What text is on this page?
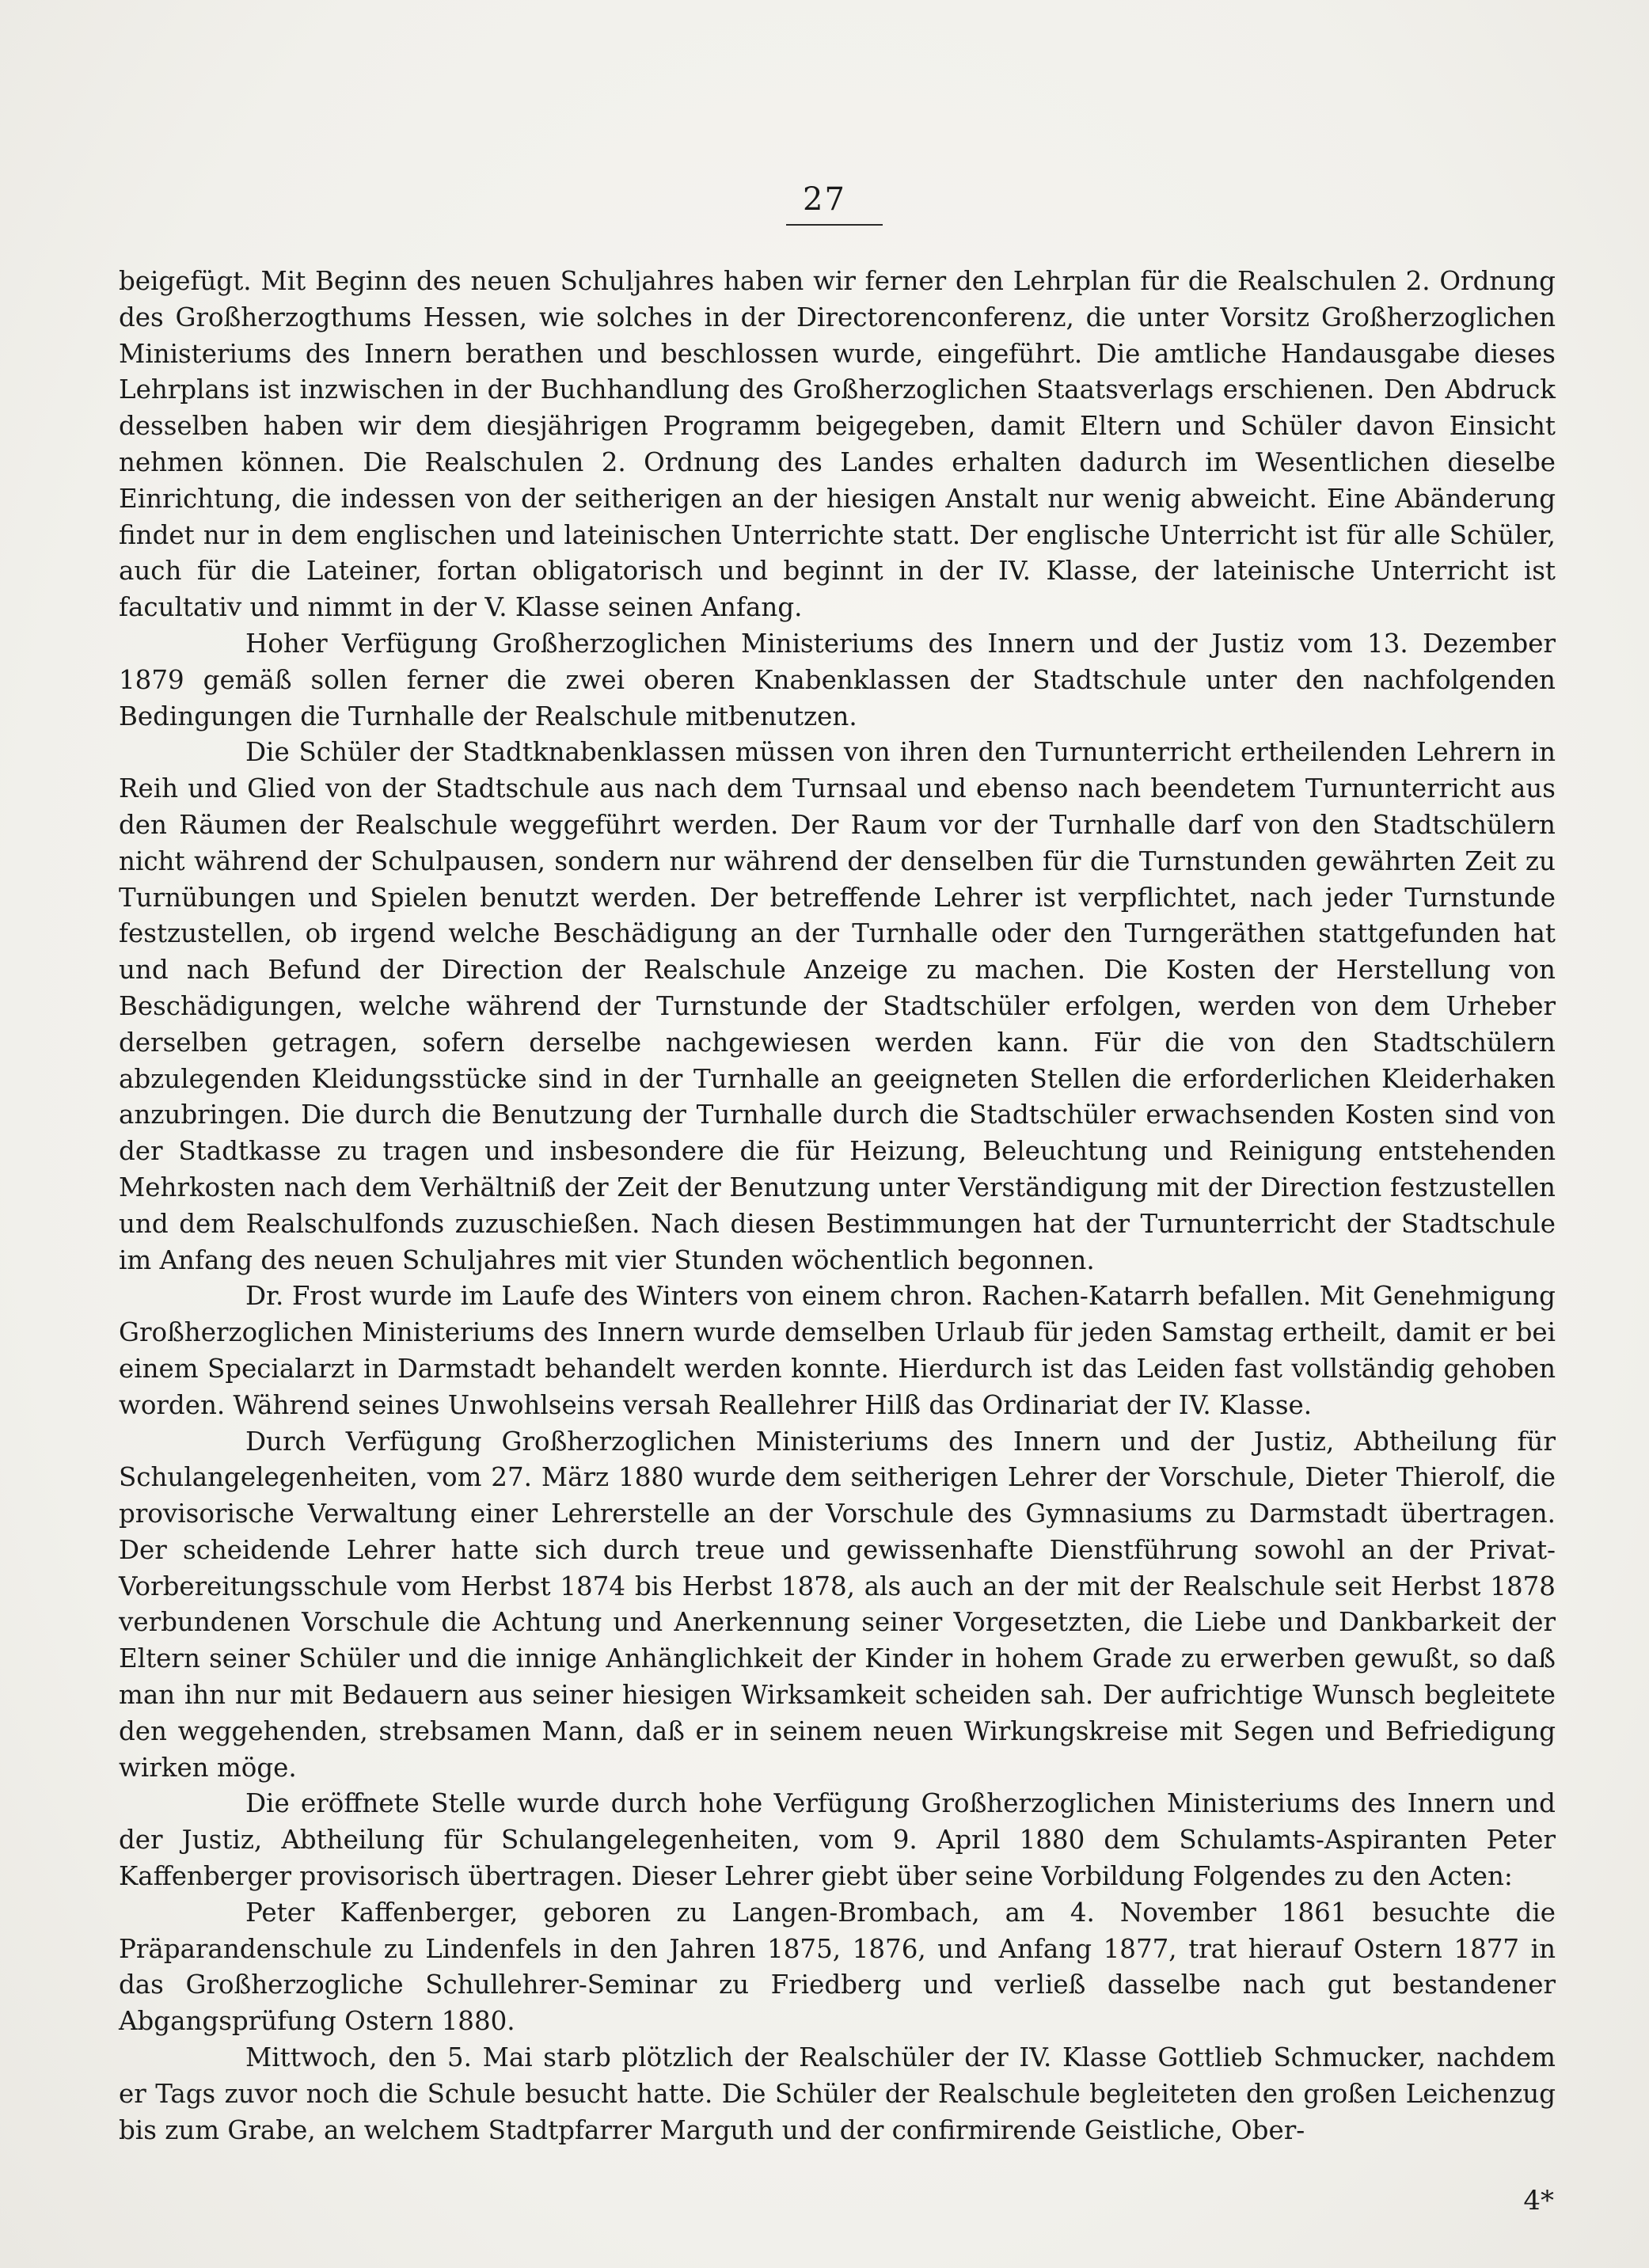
27

beigefügt. Mit Beginn des neuen Schuljahres haben wir ferner den Lehrplan für die Realschulen 2. Ordnung des Großherzogthums Hessen, wie solches in der Directorenconferenz, die unter Vorsitz Großherzoglichen Ministeriums des Innern berathen und beschlossen wurde, eingeführt. Die amtliche Handausgabe dieses Lehrplans ist inzwischen in der Buchhandlung des Großherzoglichen Staatsverlags erschienen. Den Abdruck desselben haben wir dem diesjährigen Programm beigegeben, damit Eltern und Schüler davon Einsicht nehmen können. Die Realschulen 2. Ordnung des Landes erhalten dadurch im Wesentlichen dieselbe Einrichtung, die indessen von der seitherigen an der hiesigen Anstalt nur wenig abweicht. Eine Abänderung findet nur in dem englischen und lateinischen Unterrichte statt. Der englische Unterricht ist für alle Schüler, auch für die Lateiner, fortan obligatorisch und beginnt in der IV. Klasse, der lateinische Unterricht ist facultativ und nimmt in der V. Klasse seinen Anfang.

Hoher Verfügung Großherzoglichen Ministeriums des Innern und der Justiz vom 13. Dezember 1879 gemäß sollen ferner die zwei oberen Knabenklassen der Stadtschule unter den nachfolgenden Bedingungen die Turnhalle der Realschule mitbenutzen.

Die Schüler der Stadtknabenklassen müssen von ihren den Turnunterricht ertheilenden Lehrern in Reih und Glied von der Stadtschule aus nach dem Turnsaal und ebenso nach beendetem Turnunterricht aus den Räumen der Realschule weggeführt werden. Der Raum vor der Turnhalle darf von den Stadtschülern nicht während der Schulpausen, sondern nur während der denselben für die Turnstunden gewährten Zeit zu Turnübungen und Spielen benutzt werden. Der betreffende Lehrer ist verpflichtet, nach jeder Turnstunde festzustellen, ob irgend welche Beschädigung an der Turnhalle oder den Turngeräthen stattgefunden hat und nach Befund der Direction der Realschule Anzeige zu machen. Die Kosten der Herstellung von Beschädigungen, welche während der Turnstunde der Stadtschüler erfolgen, werden von dem Urheber derselben getragen, sofern derselbe nachgewiesen werden kann. Für die von den Stadtschülern abzulegenden Kleidungsstücke sind in der Turnhalle an geeigneten Stellen die erforderlichen Kleiderhaken anzubringen. Die durch die Benutzung der Turnhalle durch die Stadtschüler erwachsenden Kosten sind von der Stadtkasse zu tragen und insbesondere die für Heizung, Beleuchtung und Reinigung entstehenden Mehrkosten nach dem Verhältniß der Zeit der Benutzung unter Verständigung mit der Direction festzustellen und dem Realschulfonds zuzuschießen. Nach diesen Bestimmungen hat der Turnunterricht der Stadtschule im Anfang des neuen Schuljahres mit vier Stunden wöchentlich begonnen.

Dr. Frost wurde im Laufe des Winters von einem chron. Rachen-Katarrh befallen. Mit Genehmigung Großherzoglichen Ministeriums des Innern wurde demselben Urlaub für jeden Samstag ertheilt, damit er bei einem Specialarzt in Darmstadt behandelt werden konnte. Hierdurch ist das Leiden fast vollständig gehoben worden. Während seines Unwohlseins versah Reallehrer Hilß das Ordinariat der IV. Klasse.

Durch Verfügung Großherzoglichen Ministeriums des Innern und der Justiz, Abtheilung für Schulangelegenheiten, vom 27. März 1880 wurde dem seitherigen Lehrer der Vorschule, Dieter Thierolf, die provisorische Verwaltung einer Lehrerstelle an der Vorschule des Gymnasiums zu Darmstadt übertragen. Der scheidende Lehrer hatte sich durch treue und gewissenhafte Dienstführung sowohl an der Privat-Vorbereitungsschule vom Herbst 1874 bis Herbst 1878, als auch an der mit der Realschule seit Herbst 1878 verbundenen Vorschule die Achtung und Anerkennung seiner Vorgesetzten, die Liebe und Dankbarkeit der Eltern seiner Schüler und die innige Anhänglichkeit der Kinder in hohem Grade zu erwerben gewußt, so daß man ihn nur mit Bedauern aus seiner hiesigen Wirksamkeit scheiden sah. Der aufrichtige Wunsch begleitete den weggehenden, strebsamen Mann, daß er in seinem neuen Wirkungskreise mit Segen und Befriedigung wirken möge.

Die eröffnete Stelle wurde durch hohe Verfügung Großherzoglichen Ministeriums des Innern und der Justiz, Abtheilung für Schulangelegenheiten, vom 9. April 1880 dem Schulamts-Aspiranten Peter Kaffenberger provisorisch übertragen. Dieser Lehrer giebt über seine Vorbildung Folgendes zu den Acten:

Peter Kaffenberger, geboren zu Langen-Brombach, am 4. November 1861 besuchte die Präparandenschule zu Lindenfels in den Jahren 1875, 1876, und Anfang 1877, trat hierauf Ostern 1877 in das Großherzogliche Schullehrer-Seminar zu Friedberg und verließ dasselbe nach gut bestandener Abgangsprüfung Ostern 1880.

Mittwoch, den 5. Mai starb plötzlich der Realschüler der IV. Klasse Gottlieb Schmucker, nachdem er Tags zuvor noch die Schule besucht hatte. Die Schüler der Realschule begleiteten den großen Leichenzug bis zum Grabe, an welchem Stadtpfarrer Marguth und der confirmirende Geistliche, Ober-

4*
